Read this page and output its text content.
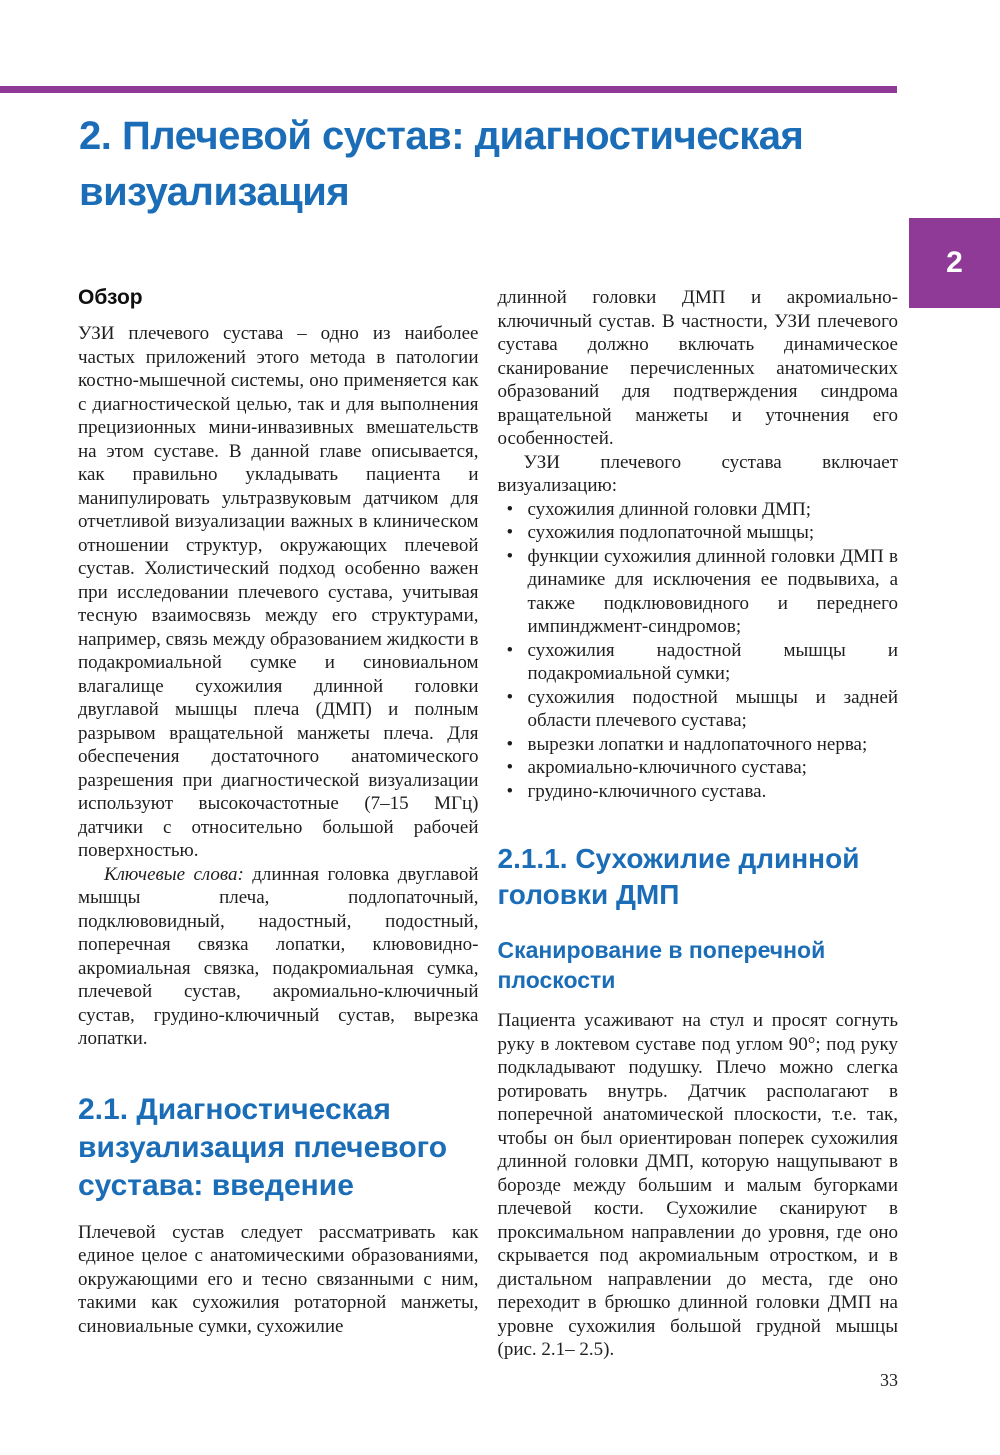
2
2. Плечевой сустав: диагностическая визуализация
Обзор

УЗИ плечевого сустава – одно из наиболее частых приложений этого метода в патологии костно-мышечной системы, оно применяется как с диагностической целью, так и для выполнения прецизионных мини-инвазивных вмешательств на этом суставе. В данной главе описывается, как правильно укладывать пациента и манипулировать ультразвуковым датчиком для отчетливой визуализации важных в клиническом отношении структур, окружающих плечевой сустав. Холистический подход особенно важен при исследовании плечевого сустава, учитывая тесную взаимосвязь между его структурами, например, связь между образованием жидкости в подакромиальной сумке и синовиальном влагалище сухожилия длинной головки двуглавой мышцы плеча (ДМП) и полным разрывом вращательной манжеты плеча. Для обеспечения достаточного анатомического разрешения при диагностической визуализации используют высокочастотные (7–15 МГц) датчики с относительно большой рабочей поверхностью.

Ключевые слова: длинная головка двуглавой мышцы плеча, подлопаточный, подклювовидный, надостный, подостный, поперечная связка лопатки, клювовидно-акромиальная связка, подакромиальная сумка, плечевой сустав, акромиально-ключичный сустав, грудино-ключичный сустав, вырезка лопатки.

2.1. Диагностическая визуализация плечевого сустава: введение

Плечевой сустав следует рассматривать как единое целое с анатомическими образованиями, окружающими его и тесно связанными с ним, такими как сухожилия ротаторной манжеты, синовиальные сумки, сухожилие

длинной головки ДМП и акромиально-ключичный сустав. В частности, УЗИ плечевого сустава должно включать динамическое сканирование перечисленных анатомических образований для подтверждения синдрома вращательной манжеты и уточнения его особенностей.

УЗИ плечевого сустава включает визуализацию:

• сухожилия длинной головки ДМП;
• сухожилия подлопаточной мышцы;
• функции сухожилия длинной головки ДМП в динамике для исключения ее подвывиха, а также подклювовидного и переднего импинджмент-синдромов;
• сухожилия надостной мышцы и подакромиальной сумки;
• сухожилия подостной мышцы и задней области плечевого сустава;
• вырезки лопатки и надлопаточного нерва;
• акромиально-ключичного сустава;
• грудино-ключичного сустава.
2.1.1. Сухожилие длинной головки ДМП
Сканирование в поперечной плоскости

Пациента усаживают на стул и просят согнуть руку в локтевом суставе под углом 90°; под руку подкладывают подушку. Плечо можно слегка ротировать внутрь. Датчик располагают в поперечной анатомической плоскости, т.е. так, чтобы он был ориентирован поперек сухожилия длинной головки ДМП, которую нащупывают в борозде между большим и малым бугорками плечевой кости. Сухожилие сканируют в проксимальном направлении до уровня, где оно скрывается под акромиальным отростком, и в дистальном направлении до места, где оно переходит в брюшко длинной головки ДМП на уровне сухожилия большой грудной мышцы (рис. 2.1– 2.5).

33
